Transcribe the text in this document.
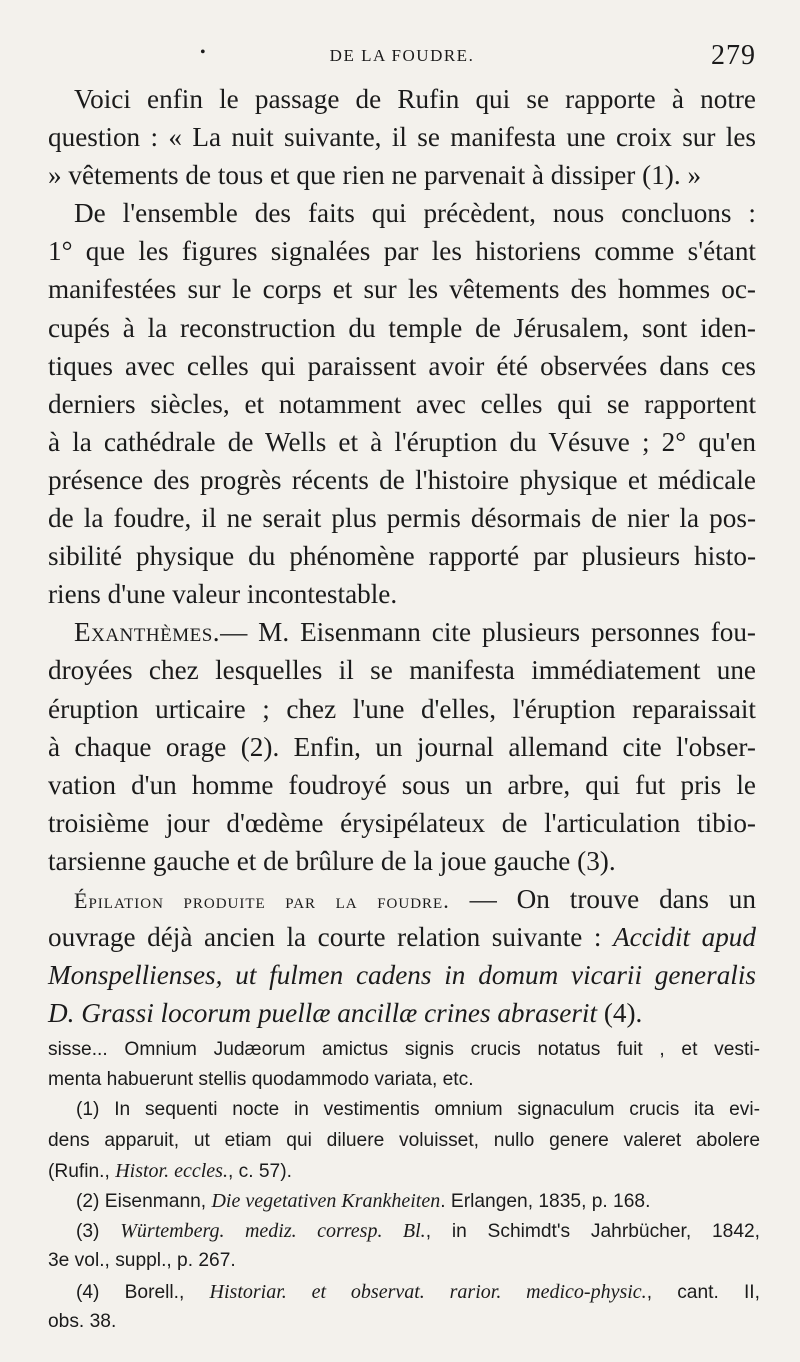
•	DE LA FOUDRE.	279
Voici enfin le passage de Rufin qui se rapporte à notre
question : « La nuit suivante, il se manifesta une croix sur les
» vêtements de tous et que rien ne parvenait à dissiper (1). »
De l'ensemble des faits qui précèdent, nous concluons :
1° que les figures signalées par les historiens comme s'étant
manifestées sur le corps et sur les vêtements des hommes oc-
cupés à la reconstruction du temple de Jérusalem, sont iden-
tiques avec celles qui paraissent avoir été observées dans ces
derniers siècles, et notamment avec celles qui se rapportent
à la cathédrale de Wells et à l'éruption du Vésuve ; 2° qu'en
présence des progrès récents de l'histoire physique et médicale
de la foudre, il ne serait plus permis désormais de nier la pos-
sibilité physique du phénomène rapporté par plusieurs histo-
riens d'une valeur incontestable.
Exanthèmes.— M. Eisenmann cite plusieurs personnes fou-
droyées chez lesquelles il se manifesta immédiatement une
éruption urticaire ; chez l'une d'elles, l'éruption reparaissait
à chaque orage (2). Enfin, un journal allemand cite l'obser-
vation d'un homme foudroyé sous un arbre, qui fut pris le
troisième jour d'œdème érysipélateux de l'articulation tibio-
tarsienne gauche et de brûlure de la joue gauche (3).
Épilation produite par la foudre. — On trouve dans un
ouvrage déjà ancien la courte relation suivante : Accidit apud
Monspellienses, ut fulmen cadens in domum vicarii generalis
D. Grassi locorum puellæ ancillæ crines abraserit (4).
sisse... Omnium Judæorum amictus signis crucis notatus fuit , et vesti-
menta habuerunt stellis quodammodo variata, etc.
(1) In sequenti nocte in vestimentis omnium signaculum crucis ita evi-
dens apparuit, ut etiam qui diluere voluisset, nullo genere valeret abolere
(Rufin., Histor. eccles., c. 57).
(2) Eisenmann, Die vegetativen Krankheiten. Erlangen, 1835, p. 168.
(3) Würtemberg. mediz. corresp. Bl., in Schimdt's Jahrbücher, 1842,
3e vol., suppl., p. 267.
(4) Borell., Historiar. et observat. rarior. medico-physic., cant. II,
obs. 38.
